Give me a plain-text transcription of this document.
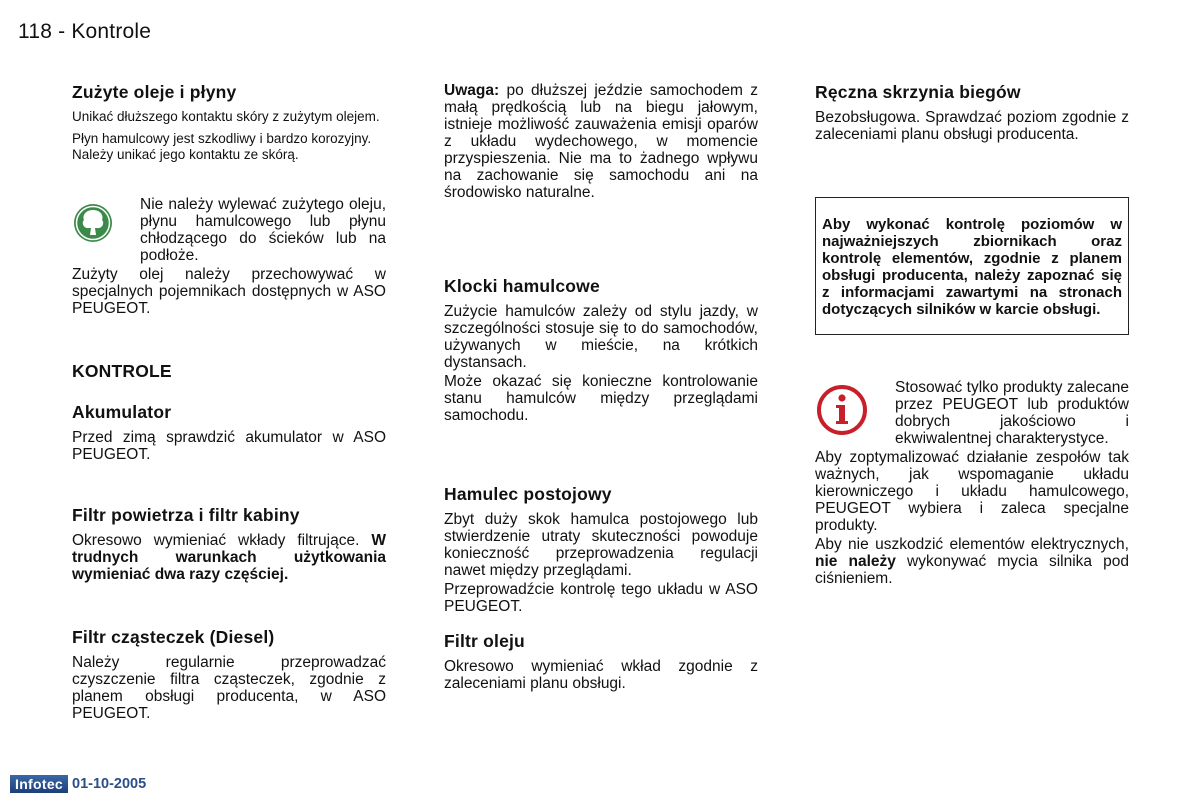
118 - Kontrole
Zużyte oleje i płyny

Unikać dłuższego kontaktu skóry z zużytym olejem.

Płyn hamulcowy jest szkodliwy i bardzo korozyjny. Należy unikać jego kontaktu ze skórą.

Nie należy wylewać zużytego oleju, płynu hamulcowego lub płynu chłodzącego do ścieków lub na podłoże.

Zużyty olej należy przechowywać w specjalnych pojemnikach dostępnych w ASO PEUGEOT.

KONTROLE
Akumulator

Przed zimą sprawdzić akumulator w ASO PEUGEOT.

Filtr powietrza i filtr kabiny

Okresowo wymieniać wkłady filtrujące. W trudnych warunkach użytkowania wymieniać dwa razy częściej.

Filtr cząsteczek (Diesel)

Należy regularnie przeprowadzać czyszczenie filtra cząsteczek, zgodnie z planem obsługi producenta, w ASO PEUGEOT.

Uwaga: po dłuższej jeździe samochodem z małą prędkością lub na biegu jałowym, istnieje możliwość zauważenia emisji oparów z układu wydechowego, w momencie przyspieszenia. Nie ma to żadnego wpływu na zachowanie się samochodu ani na środowisko naturalne.

Klocki hamulcowe

Zużycie hamulców zależy od stylu jazdy, w szczególności stosuje się to do samochodów, używanych w mieście, na krótkich dystansach.

Może okazać się konieczne kontrolowanie stanu hamulców między przeglądami samochodu.

Hamulec postojowy

Zbyt duży skok hamulca postojowego lub stwierdzenie utraty skuteczności powoduje konieczność przeprowadzenia regulacji nawet między przeglądami.

Przeprowadźcie kontrolę tego układu w ASO PEUGEOT.

Filtr oleju

Okresowo wymieniać wkład zgodnie z zaleceniami planu obsługi.

Ręczna skrzynia biegów

Bezobsługowa. Sprawdzać poziom zgodnie z zaleceniami planu obsługi producenta.

Aby wykonać kontrolę poziomów w najważniejszych zbiornikach oraz kontrolę elementów, zgodnie z planem obsługi producenta, należy zapoznać się z informacjami zawartymi na stronach dotyczących silników w karcie obsługi.

Stosować tylko produkty zalecane przez PEUGEOT lub produktów dobrych jakościowo i ekwiwalentnej charakterystyce.

Aby zoptymalizować działanie zespołów tak ważnych, jak wspomaganie układu kierowniczego i układu hamulcowego, PEUGEOT wybiera i zaleca specjalne produkty.

Aby nie uszkodzić elementów elektrycznych, nie należy wykonywać mycia silnika pod ciśnieniem.

Infotec 01-10-2005
